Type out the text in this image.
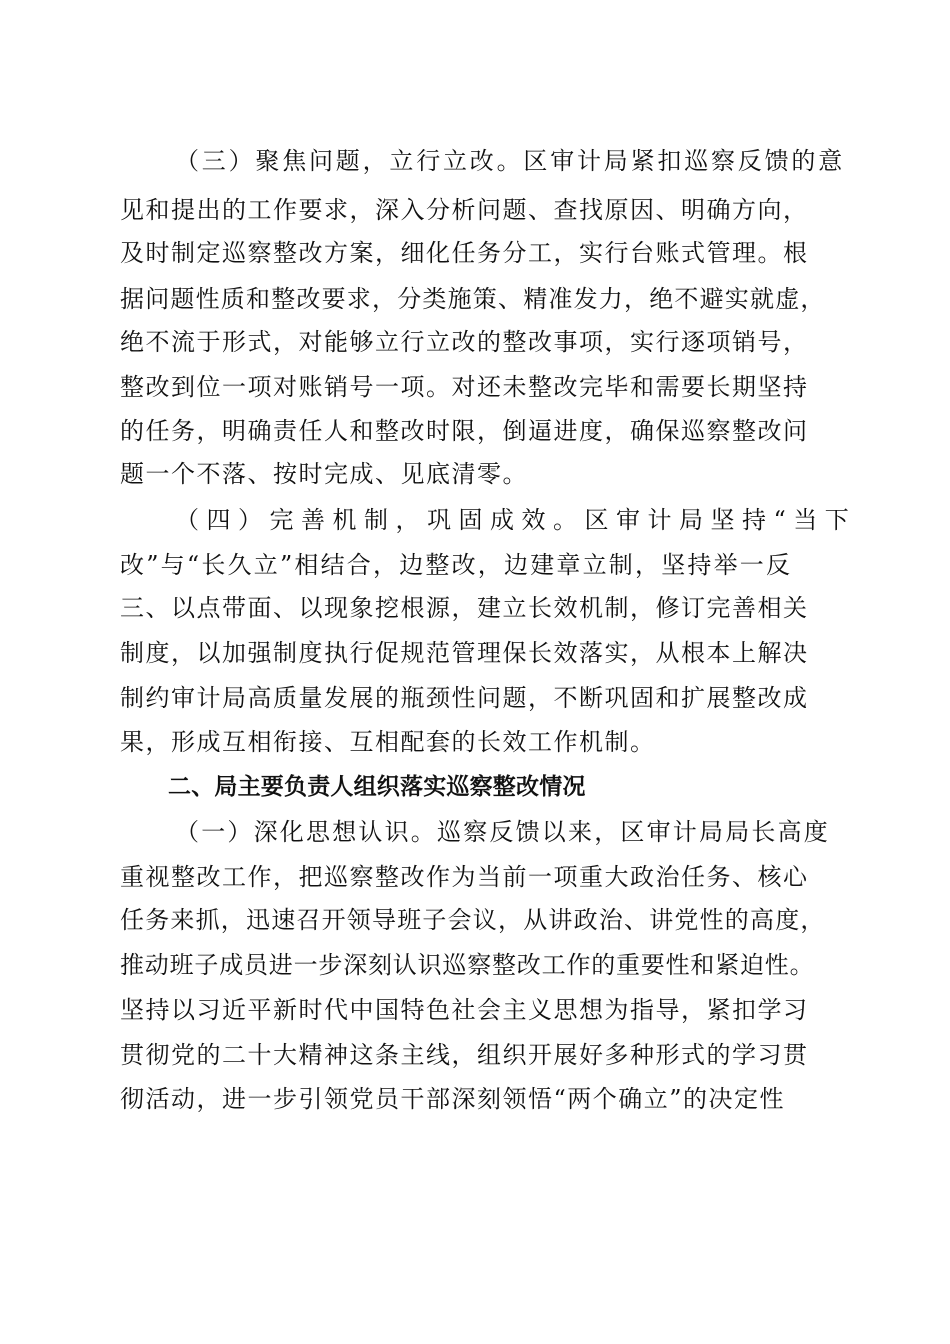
（三）聚焦问题，立行立改。区审计局紧扣巡察反馈的意
见和提出的工作要求，深入分析问题、查找原因、明确方向，
及时制定巡察整改方案，细化任务分工，实行台账式管理。根
据问题性质和整改要求，分类施策、精准发力，绝不避实就虚，
绝不流于形式，对能够立行立改的整改事项，实行逐项销号，
整改到位一项对账销号一项。对还未整改完毕和需要长期坚持
的任务，明确责任人和整改时限，倒逼进度，确保巡察整改问
题一个不落、按时完成、见底清零。
（四）完善机制，巩固成效。区审计局坚持“当下
改”与“长久立”相结合，边整改，边建章立制，坚持举一反
三、以点带面、以现象挖根源，建立长效机制，修订完善相关
制度，以加强制度执行促规范管理保长效落实，从根本上解决
制约审计局高质量发展的瓶颈性问题，不断巩固和扩展整改成
果，形成互相衔接、互相配套的长效工作机制。
二、局主要负责人组织落实巡察整改情况
（一）深化思想认识。巡察反馈以来，区审计局局长高度
重视整改工作，把巡察整改作为当前一项重大政治任务、核心
任务来抓，迅速召开领导班子会议，从讲政治、讲党性的高度，
推动班子成员进一步深刻认识巡察整改工作的重要性和紧迫性。
坚持以习近平新时代中国特色社会主义思想为指导，紧扣学习
贯彻党的二十大精神这条主线，组织开展好多种形式的学习贯
彻活动，进一步引领党员干部深刻领悟“两个确立”的决定性
